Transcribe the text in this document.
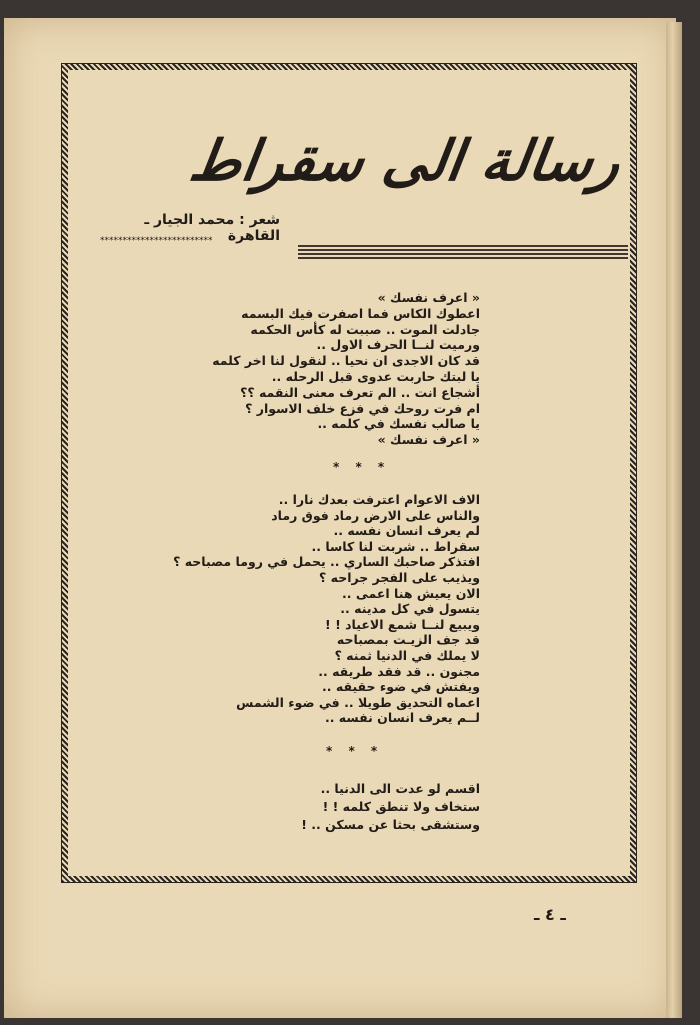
رسالة الى سقراط
شعر : محمد الجيار ـ القاهرة
*************************
« اعرف نفسك »
اعطوك الكاس فما اصفرت فيك البسمه
جادلت الموت .. صببت له كأس الحكمه
ورميت لنــا الحرف الاول ..
قد كان الاجدى ان نحيا .. لنقول لنا اخر كلمه
يا لبتك حاربت عدوى قبل الرحله ..
أشجاع انت .. الم تعرف معنى النقمه ؟؟
ام فرت روحك في فزع خلف الاسوار ؟
يا صالب نفسك في كلمه ..
« اعرف نفسك »
* * *
الاف الاعوام اعترفت بعدك نارا ..
والناس على الارض رماد فوق رماد
لم يعرف انسان نفسه ..
سقراط .. شربت لنا كاسا ..
افتذكر صاحبك الساري .. يحمل في روما مصباحه ؟
ويذيب على الفجر جراحه ؟
الان يعيش هنا اعمى ..
يتسول في كل مدينه ..
ويبيع لنــا شمع الاعياد ! !
قد جف الزيـت بمصباحه
لا يملك في الدنيا ثمنه ؟
مجنون .. قد فقد طريقه ..
ويفتش في ضوء حقيقه ..
اعماه التحديق طويلا .. في ضوء الشمس
لــم يعرف انسان نفسه ..
* * *
اقسم لو عدت الى الدنيا ..
ستخاف ولا تنطق كلمه ! !
وستشقى بحثا عن مسكن .. !
ـ ٤ ـ
